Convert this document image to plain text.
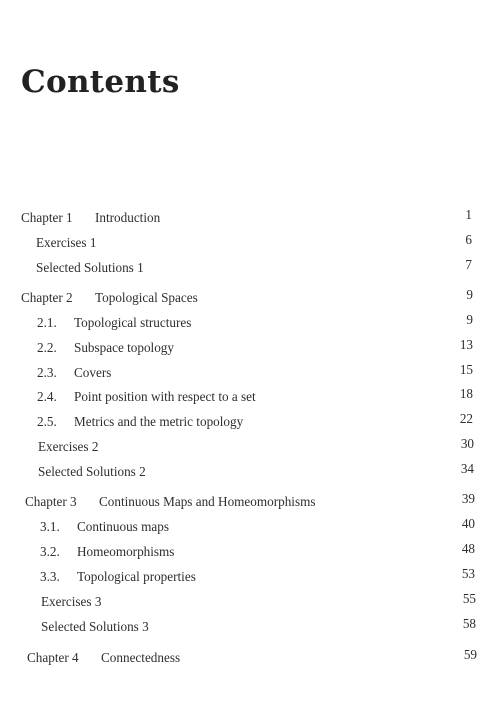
Contents
Chapter 1 Introduction	1
Exercises 1	6
Selected Solutions 1	7
Chapter 2 Topological Spaces	9
2.1. Topological structures	9
2.2. Subspace topology	13
2.3. Covers	15
2.4. Point position with respect to a set	18
2.5. Metrics and the metric topology	22
Exercises 2	30
Selected Solutions 2	34
Chapter 3 Continuous Maps and Homeomorphisms	39
3.1. Continuous maps	40
3.2. Homeomorphisms	48
3.3. Topological properties	53
Exercises 3	55
Selected Solutions 3	58
Chapter 4 Connectedness	59
